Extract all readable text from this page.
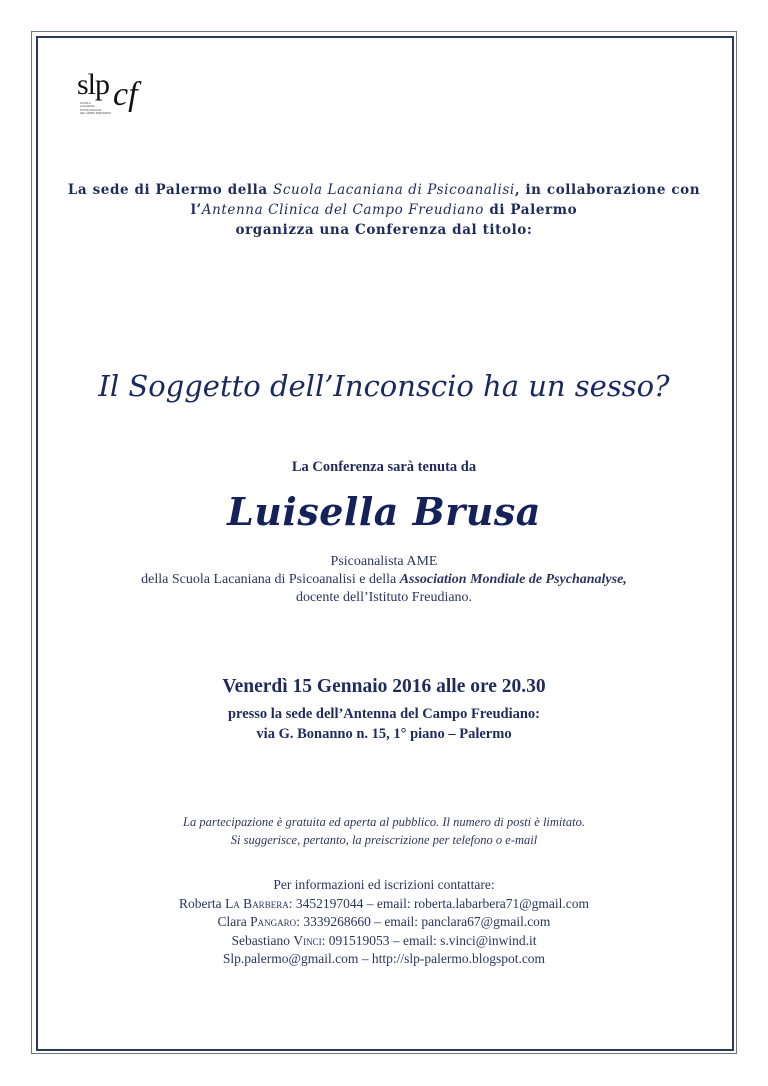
slp cf
SCUOLA
LACANIANA
DI PSICOANALISI
DEL CAMPO FREUDIANO
La sede di Palermo della Scuola Lacaniana di Psicoanalisi, in collaborazione con
l’Antenna Clinica del Campo Freudiano di Palermo
organizza una Conferenza dal titolo:
Il Soggetto dell’Inconscio ha un sesso?
La Conferenza sarà tenuta da
Luisella Brusa
Psicoanalista AME
della Scuola Lacaniana di Psicoanalisi e della Association Mondiale de Psychanalyse,
docente dell’Istituto Freudiano.
Venerdì 15 Gennaio 2016 alle ore 20.30
presso la sede dell’Antenna del Campo Freudiano:
via G. Bonanno n. 15, 1° piano – Palermo
La partecipazione è gratuita ed aperta al pubblico. Il numero di posti è limitato.
Si suggerisce, pertanto, la preiscrizione per telefono o e-mail
Per informazioni ed iscrizioni contattare:
Roberta La Barbera: 3452197044 – email: roberta.labarbera71@gmail.com
Clara Pangaro: 3339268660 – email: panclara67@gmail.com
Sebastiano Vinci: 091519053 – email: s.vinci@inwind.it
Slp.palermo@gmail.com – http://slp-palermo.blogspot.com
